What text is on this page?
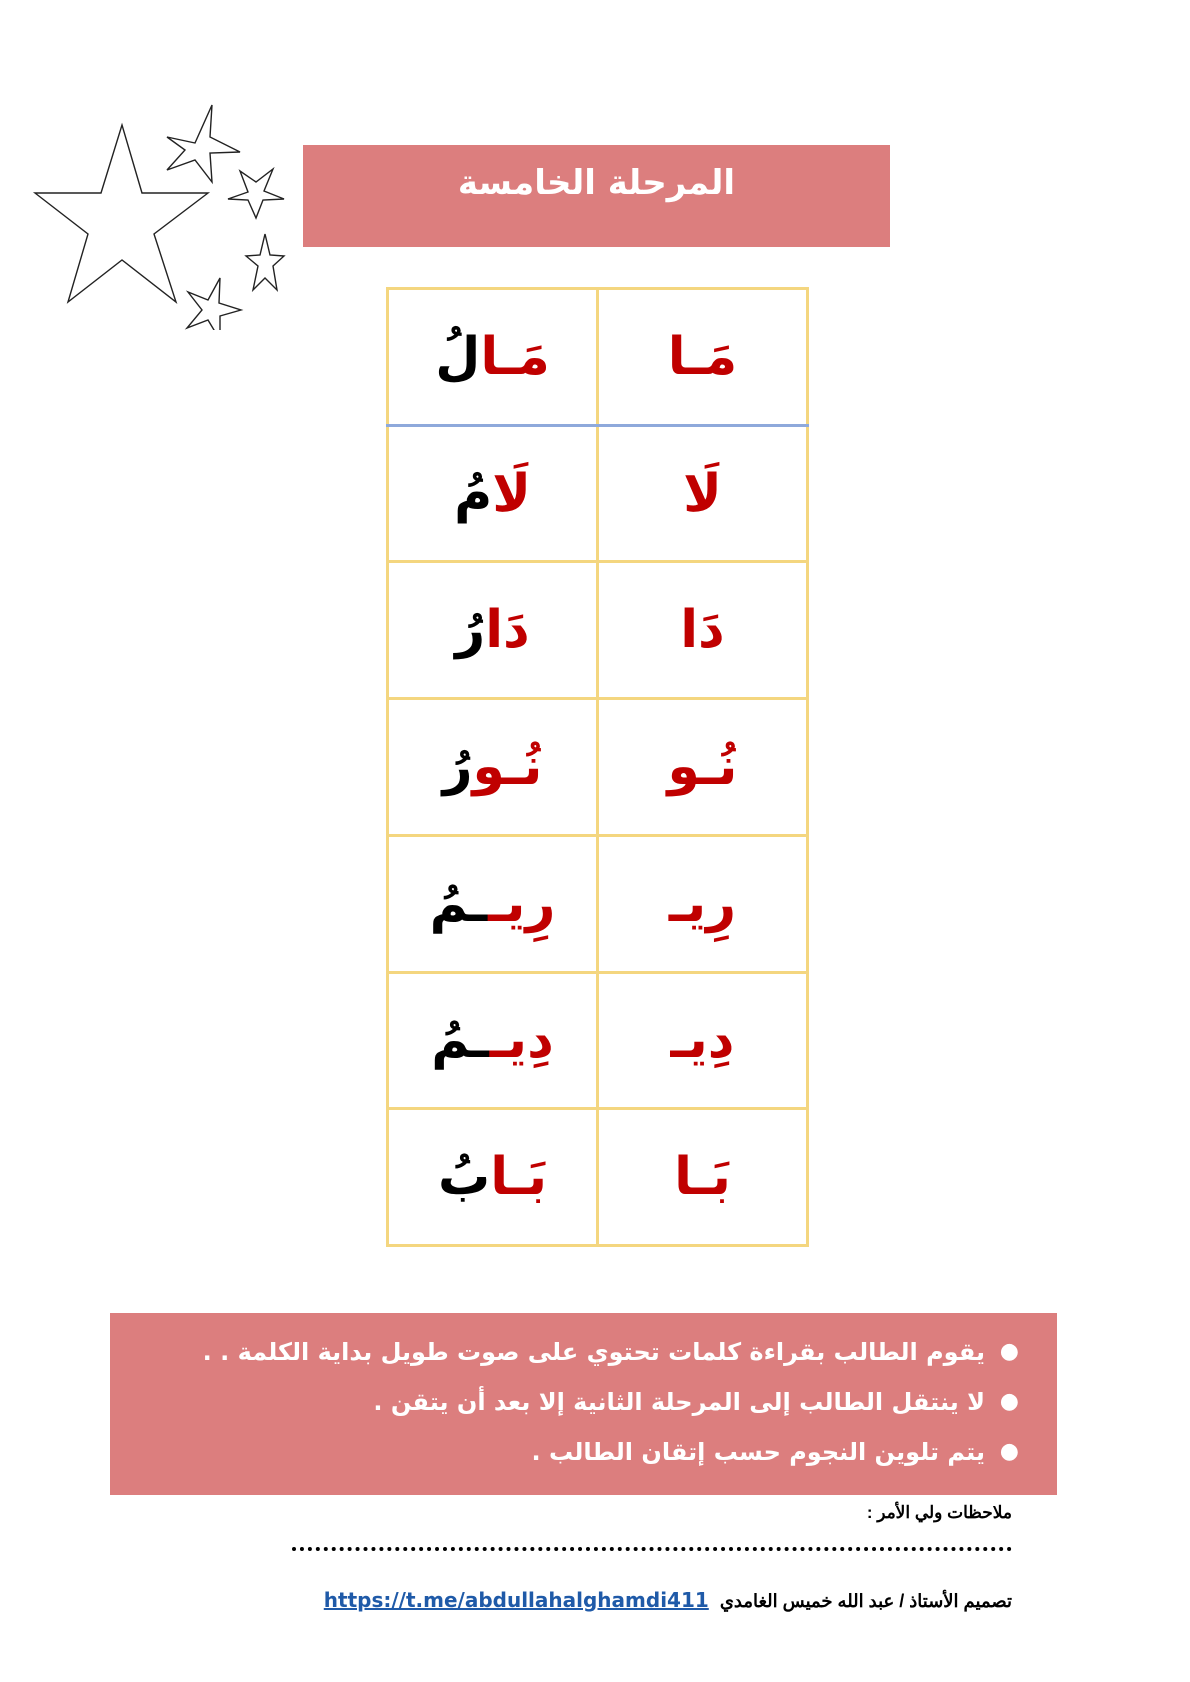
المرحلة الخامسة
مَـا	مَـالُ
لَا	لَامُ
دَا	دَارُ
نُـو	نُـورُ
رِيـ	رِيــمُ
دِيـ	دِيــمُ
بَـا	بَـابُ
●
يقوم الطالب بقراءة كلمات تحتوي على صوت طويل بداية الكلمة . .
●
لا ينتقل الطالب إلى المرحلة الثانية إلا بعد أن يتقن .
●
يتم تلوين النجوم حسب إتقان الطالب .
ملاحظات ولي الأمر :
تصميم الأستاذ / عبد الله خميس الغامدي https://t.me/abdullahalghamdi411
